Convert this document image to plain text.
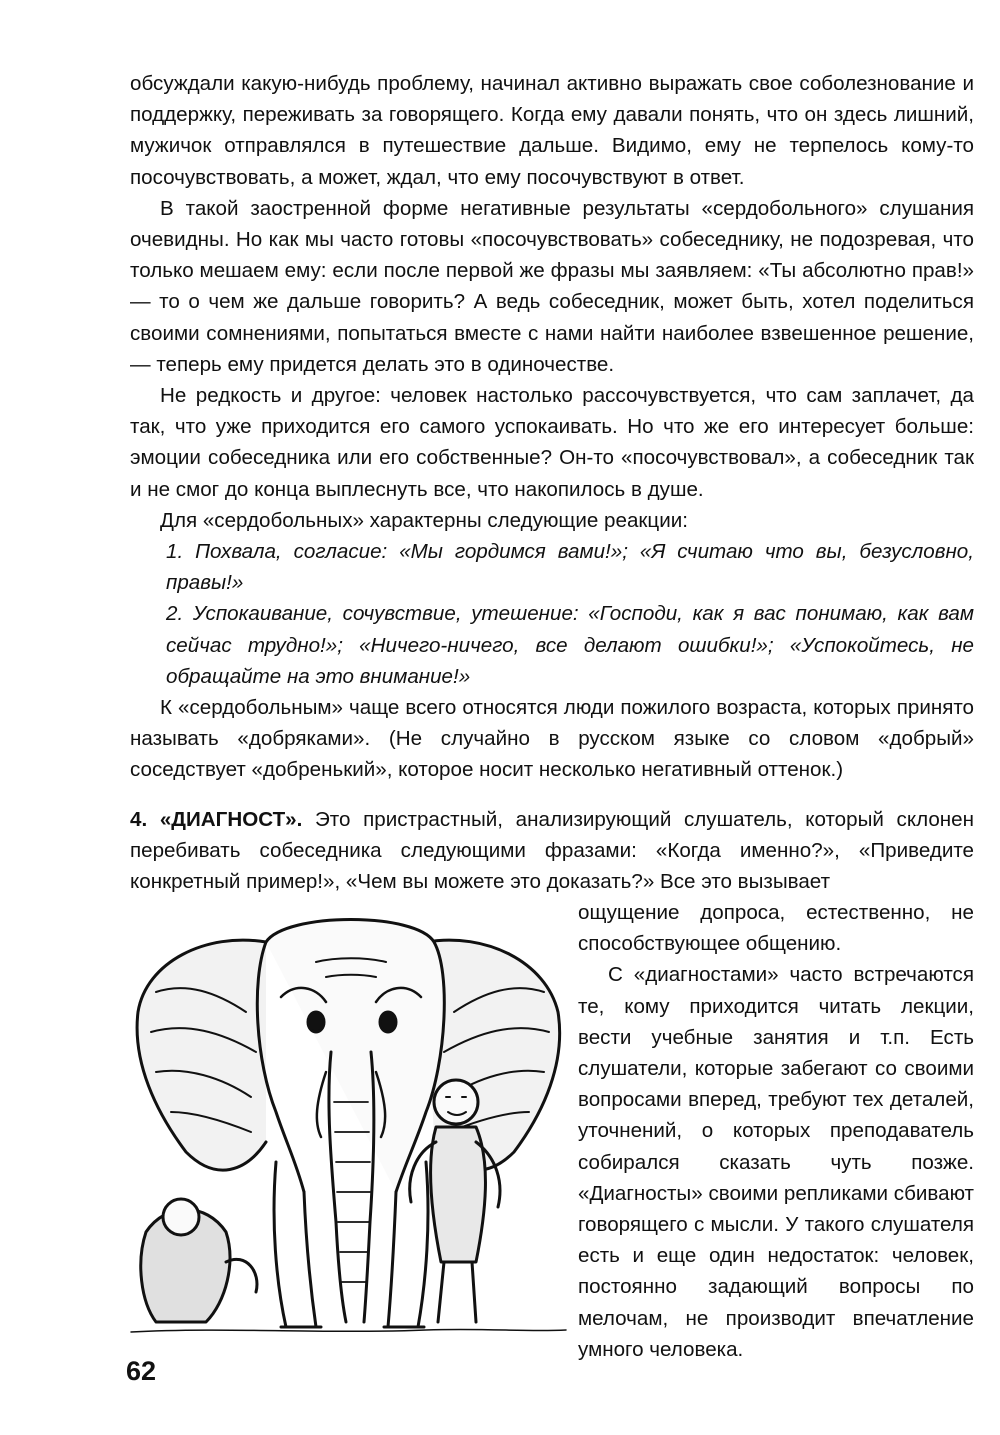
обсуждали какую-нибудь проблему, начинал активно выражать свое соболезнование и поддержку, переживать за говорящего. Когда ему давали понять, что он здесь лишний, мужичок отправлялся в путешествие дальше. Видимо, ему не терпелось кому-то посочувствовать, а может, ждал, что ему посочувствуют в ответ.

В такой заостренной форме негативные результаты «сердобольного» слушания очевидны. Но как мы часто готовы «посочувствовать» собеседнику, не подозревая, что только мешаем ему: если после первой же фразы мы заявляем: «Ты абсолютно прав!» — то о чем же дальше говорить? А ведь собеседник, может быть, хотел поделиться своими сомнениями, попытаться вместе с нами найти наиболее взвешенное решение, — теперь ему придется делать это в одиночестве.

Не редкость и другое: человек настолько рассочувствуется, что сам заплачет, да так, что уже приходится его самого успокаивать. Но что же его интересует больше: эмоции собеседника или его собственные? Он-то «посочувствовал», а собеседник так и не смог до конца выплеснуть все, что накопилось в душе.

Для «сердобольных» характерны следующие реакции:

1. Похвала, согласие: «Мы гордимся вами!»; «Я считаю что вы, безусловно, правы!»

2. Успокаивание, сочувствие, утешение: «Господи, как я вас понимаю, как вам сейчас трудно!»; «Ничего-ничего, все делают ошибки!»; «Успокойтесь, не обращайте на это внимание!»

К «сердобольным» чаще всего относятся люди пожилого возраста, которых принято называть «добряками». (Не случайно в русском языке со словом «добрый» соседствует «добренький», которое носит несколько негативный оттенок.)

4. «ДИАГНОСТ». Это пристрастный, анализирующий слушатель, который склонен перебивать собеседника следующими фразами: «Когда именно?», «Приведите конкретный пример!», «Чем вы можете это доказать?» Все это вызывает

ощущение допроса, естественно, не способствующее общению.

С «диагностами» часто встречаются те, кому приходится читать лекции, вести учебные занятия и т.п. Есть слушатели, которые забегают со своими вопросами вперед, требуют тех деталей, уточнений, о которых преподаватель собирался сказать чуть позже. «Диагносты» своими репликами сбивают говорящего с мысли. У такого слушателя есть и еще один недостаток: человек, постоянно задающий вопросы по мелочам, не производит впечатление умного человека.

62
